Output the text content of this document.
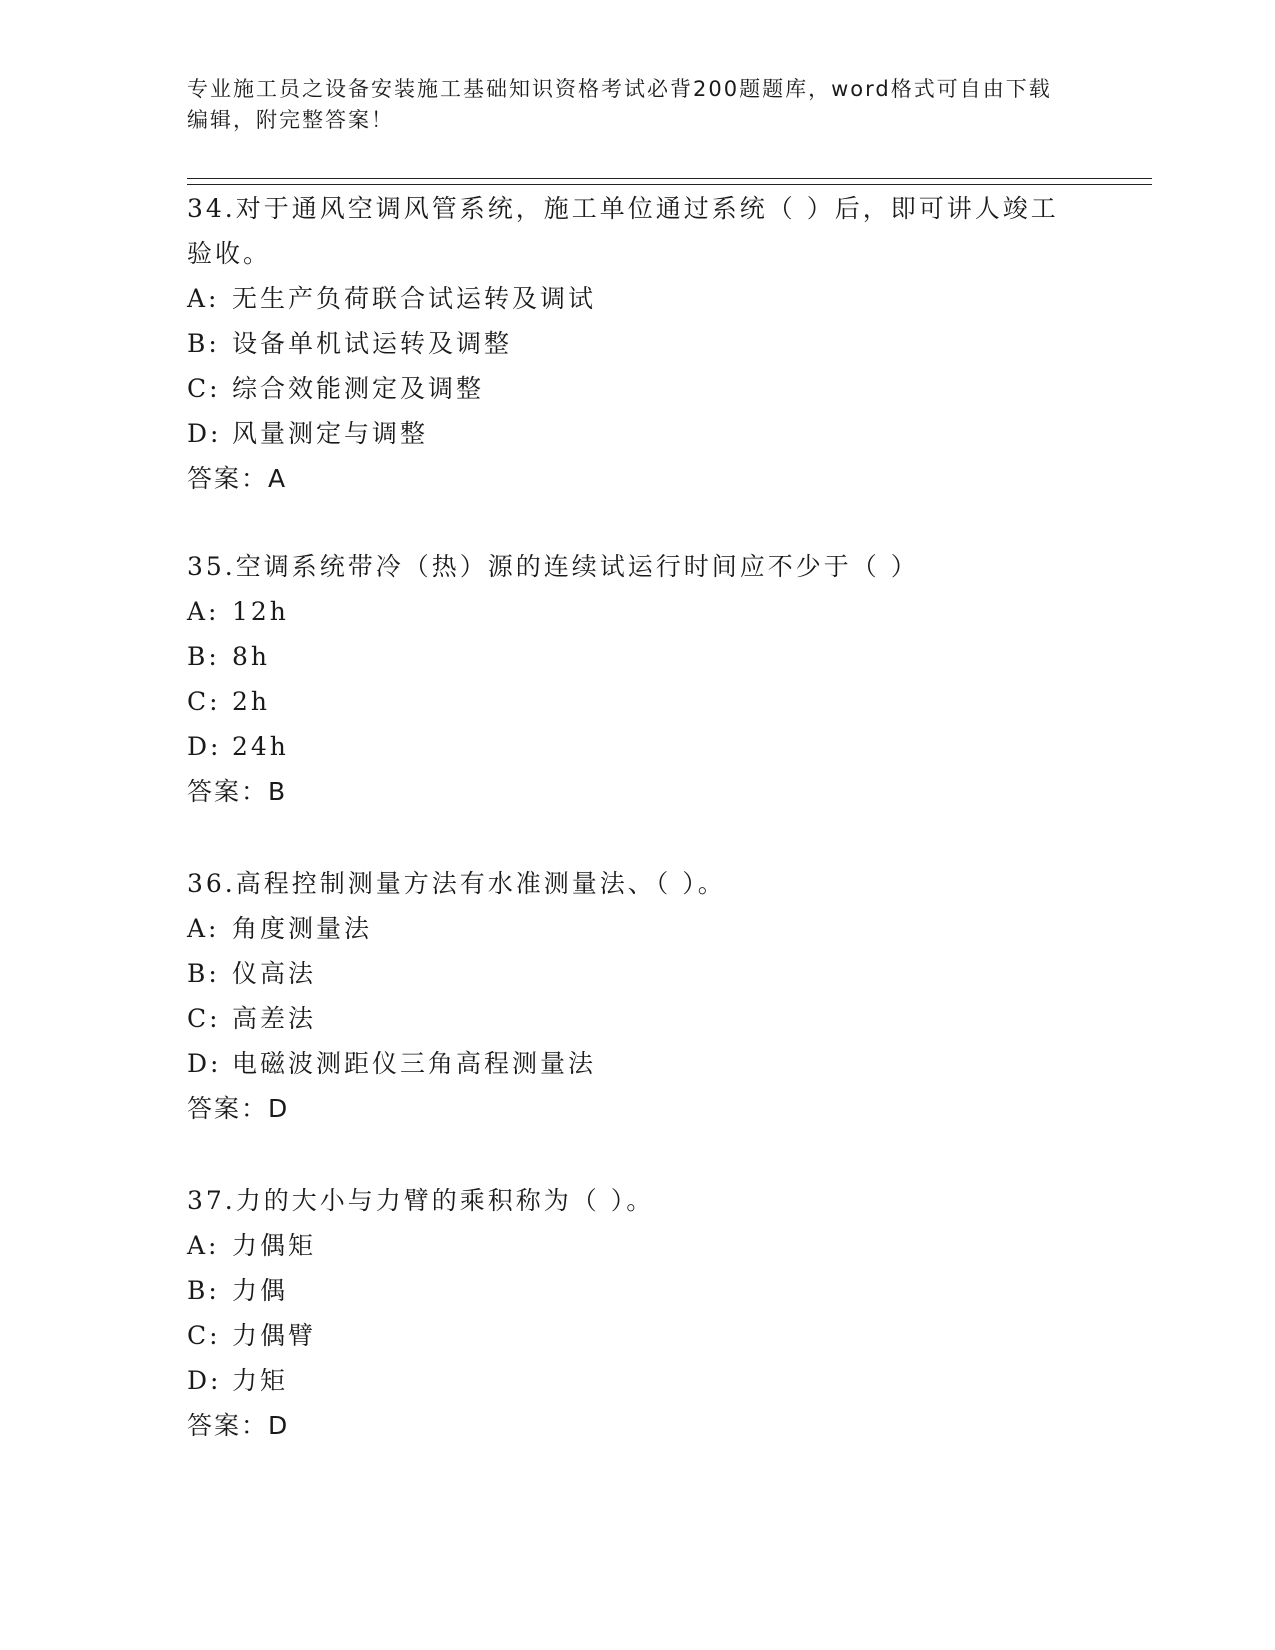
专业施工员之设备安装施工基础知识资格考试必背200题题库，word格式可自由下载编辑，附完整答案！
34.对于通风空调风管系统，施工单位通过系统（ ）后，即可讲人竣工验收。
A: 无生产负荷联合试运转及调试
B: 设备单机试运转及调整
C: 综合效能测定及调整
D: 风量测定与调整
答案：A
35.空调系统带冷（热）源的连续试运行时间应不少于（ ）
A: 12h
B: 8h
C: 2h
D: 24h
答案：B
36.高程控制测量方法有水准测量法、（ ）。
A: 角度测量法
B: 仪高法
C: 高差法
D: 电磁波测距仪三角高程测量法
答案：D
37.力的大小与力臂的乘积称为（ ）。
A: 力偶矩
B: 力偶
C: 力偶臂
D: 力矩
答案：D
